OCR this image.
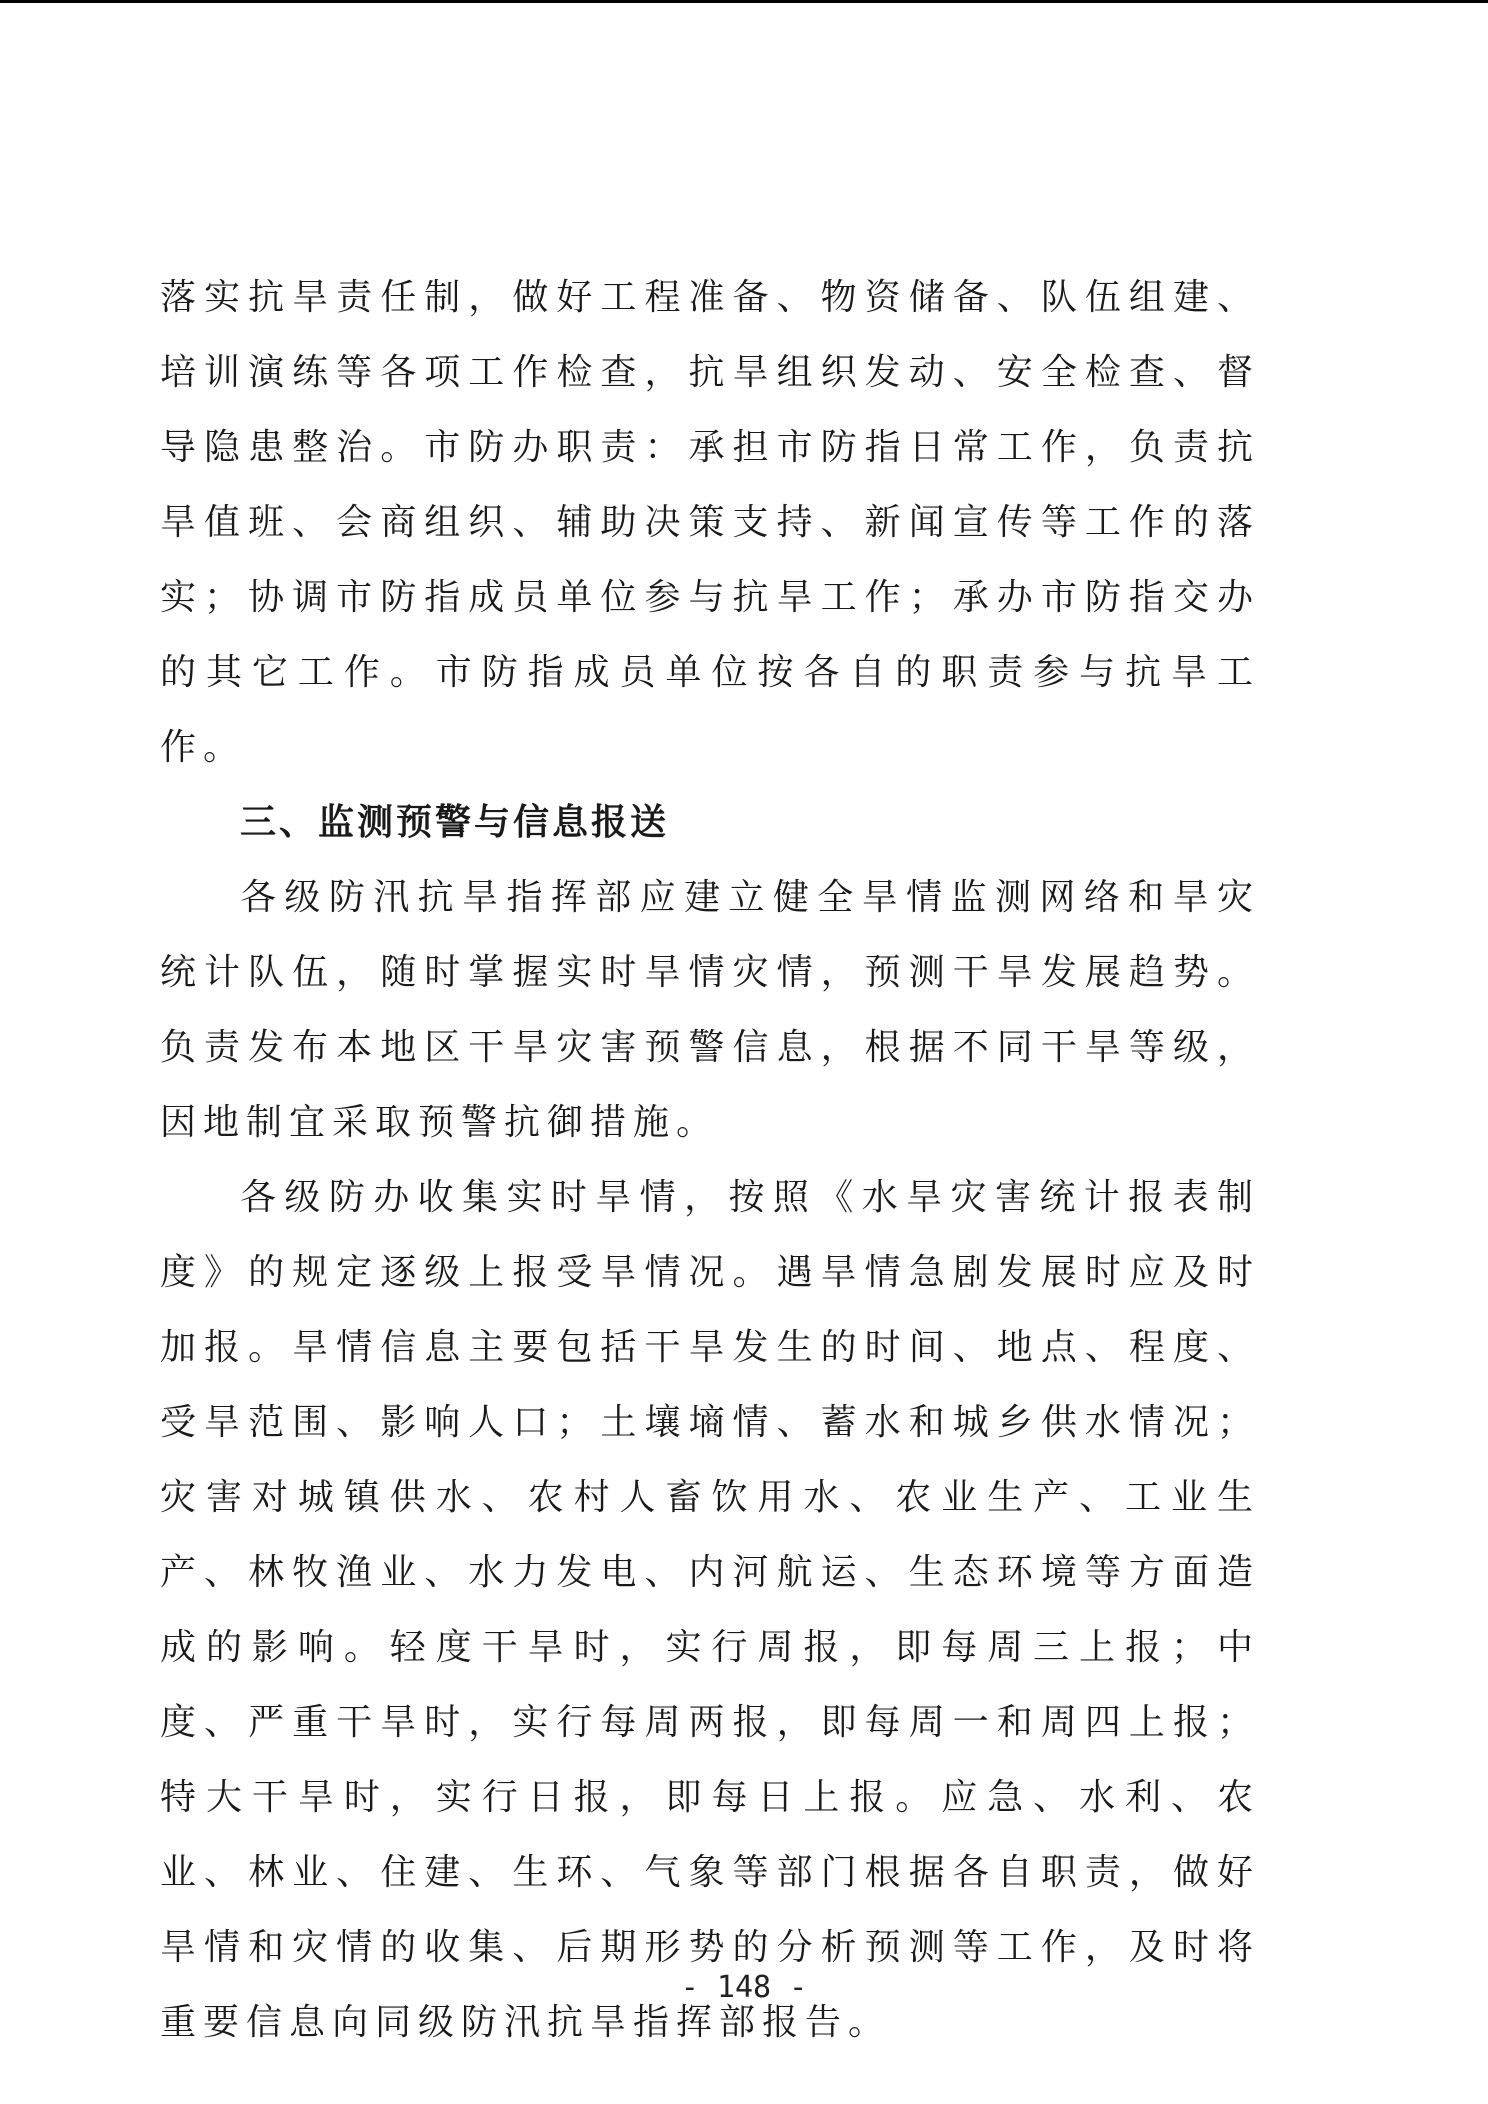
落实抗旱责任制，做好工程准备、物资储备、队伍组建、培训演练等各项工作检查，抗旱组织发动、安全检查、督导隐患整治。市防办职责：承担市防指日常工作，负责抗旱值班、会商组织、辅助决策支持、新闻宣传等工作的落实；协调市防指成员单位参与抗旱工作；承办市防指交办的其它工作。市防指成员单位按各自的职责参与抗旱工作。

三、监测预警与信息报送

各级防汛抗旱指挥部应建立健全旱情监测网络和旱灾统计队伍，随时掌握实时旱情灾情，预测干旱发展趋势。负责发布本地区干旱灾害预警信息，根据不同干旱等级，因地制宜采取预警抗御措施。

各级防办收集实时旱情，按照《水旱灾害统计报表制度》的规定逐级上报受旱情况。遇旱情急剧发展时应及时加报。旱情信息主要包括干旱发生的时间、地点、程度、受旱范围、影响人口；土壤墒情、蓄水和城乡供水情况；灾害对城镇供水、农村人畜饮用水、农业生产、工业生产、林牧渔业、水力发电、内河航运、生态环境等方面造成的影响。轻度干旱时，实行周报，即每周三上报；中度、严重干旱时，实行每周两报，即每周一和周四上报；特大干旱时，实行日报，即每日上报。应急、水利、农业、林业、住建、生环、气象等部门根据各自职责，做好旱情和灾情的收集、后期形势的分析预测等工作，及时将重要信息向同级防汛抗旱指挥部报告。

- 148 -
